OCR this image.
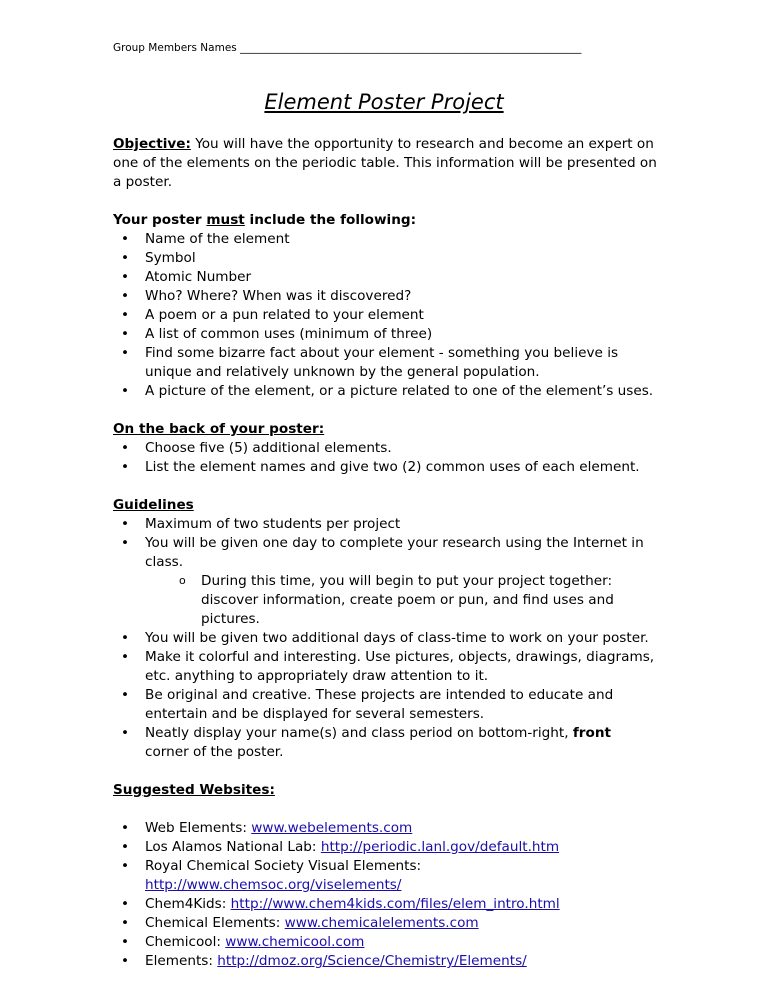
Group Members Names _________________________________________________________________
Element Poster Project

Objective: You will have the opportunity to research and become an expert on one of the elements on the periodic table. This information will be presented on a poster.

Your poster must include the following:

• Name of the element
• Symbol
• Atomic Number
• Who? Where? When was it discovered?
• A poem or a pun related to your element
• A list of common uses (minimum of three)
• Find some bizarre fact about your element - something you believe is unique and relatively unknown by the general population.
• A picture of the element, or a picture related to one of the element’s uses.

On the back of your poster:

• Choose five (5) additional elements.
• List the element names and give two (2) common uses of each element.

Guidelines

• Maximum of two students per project
• You will be given one day to complete your research using the Internet in class.
o During this time, you will begin to put your project together: discover information, create poem or pun, and find uses and pictures.
• You will be given two additional days of class-time to work on your poster.
• Make it colorful and interesting. Use pictures, objects, drawings, diagrams, etc. anything to appropriately draw attention to it.
• Be original and creative. These projects are intended to educate and entertain and be displayed for several semesters.
• Neatly display your name(s) and class period on bottom-right, front corner of the poster.

Suggested Websites:

• Web Elements: www.webelements.com
• Los Alamos National Lab: http://periodic.lanl.gov/default.htm
• Royal Chemical Society Visual Elements: http://www.chemsoc.org/viselements/
• Chem4Kids: http://www.chem4kids.com/files/elem_intro.html
• Chemical Elements: www.chemicalelements.com
• Chemicool: www.chemicool.com
• Elements: http://dmoz.org/Science/Chemistry/Elements/
